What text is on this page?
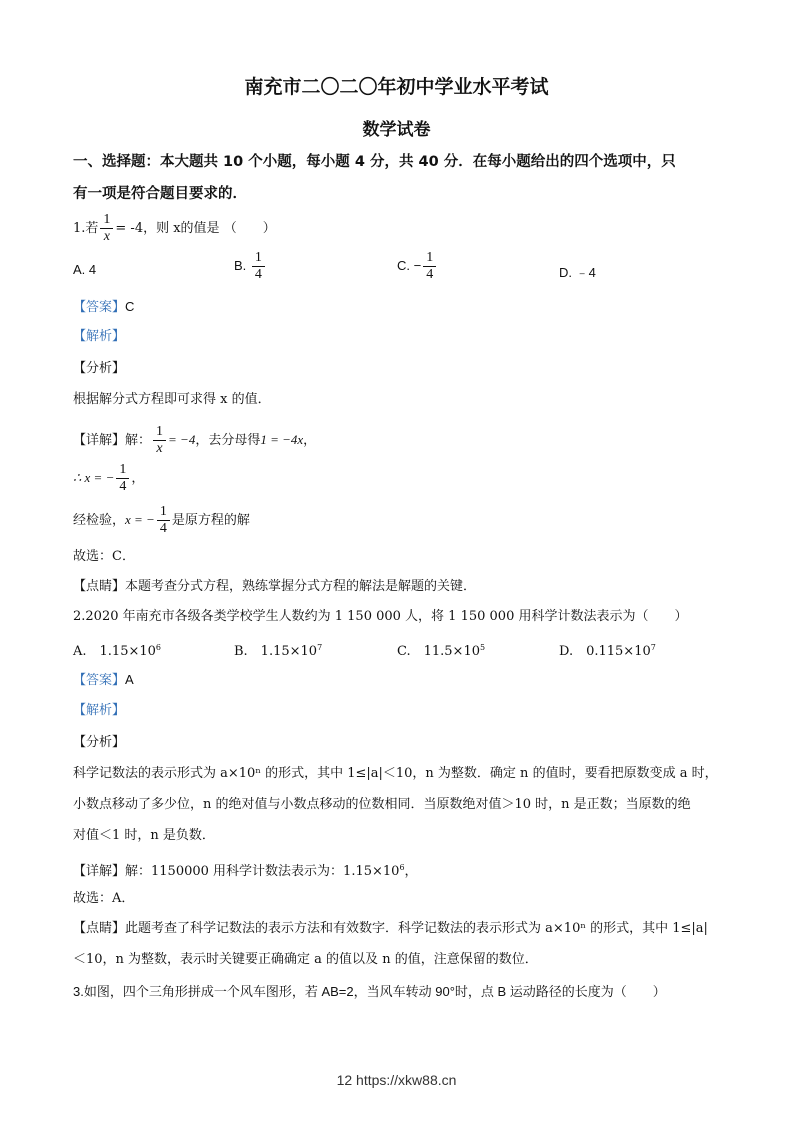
南充市二〇二〇年初中学业水平考试
数学试卷
一、选择题：本大题共 10 个小题，每小题 4 分，共 40 分．在每小题给出的四个选项中，只
有一项是符合题目要求的．
1.若 $\frac{1}{x} = -4$，则 x的值是 （　　）
A. 4	B. $\frac{1}{4}$	C. − $\frac{1}{4}$	D. ﹣4
【答案】C
【解析】
【分析】
根据解分式方程即可求得 x 的值．
【详解】解： $\frac{1}{x} = -4$，去分母得1 = −4x，
∴ x = − $\frac{1}{4}$ ，
经检验，x = − $\frac{1}{4}$ 是原方程的解
故选：C．
【点睛】本题考查分式方程，熟练掌握分式方程的解法是解题的关键．
2.2020 年南充市各级各类学校学生人数约为 1 150 000 人，将 1 150 000 用科学计数法表示为（　　）
A.　$1.15\times 10^6$	B.　$1.15\times 10^7$	C.　$11.5\times 10^5$	D.　$0.115\times 10^7$
【答案】A
【解析】
【分析】
科学记数法的表示形式为 a×10ⁿ 的形式，其中 1≤|a|＜10，n 为整数．确定 n 的值时，要看把原数变成 a 时，
小数点移动了多少位，n 的绝对值与小数点移动的位数相同．当原数绝对值＞10 时，n 是正数；当原数的绝
对值＜1 时，n 是负数．
【详解】解：1150000 用科学计数法表示为：$1.15\times 10^6$，
故选：A．
【点睛】此题考查了科学记数法的表示方法和有效数字．科学记数法的表示形式为 a×10ⁿ 的形式，其中 1≤|a|
＜10，n 为整数，表示时关键要正确确定 a 的值以及 n 的值，注意保留的数位．
3.如图，四个三角形拼成一个风车图形，若 AB=2，当风车转动 90°时，点 B 运动路径的长度为（　　）
12 https://xkw88.cn
